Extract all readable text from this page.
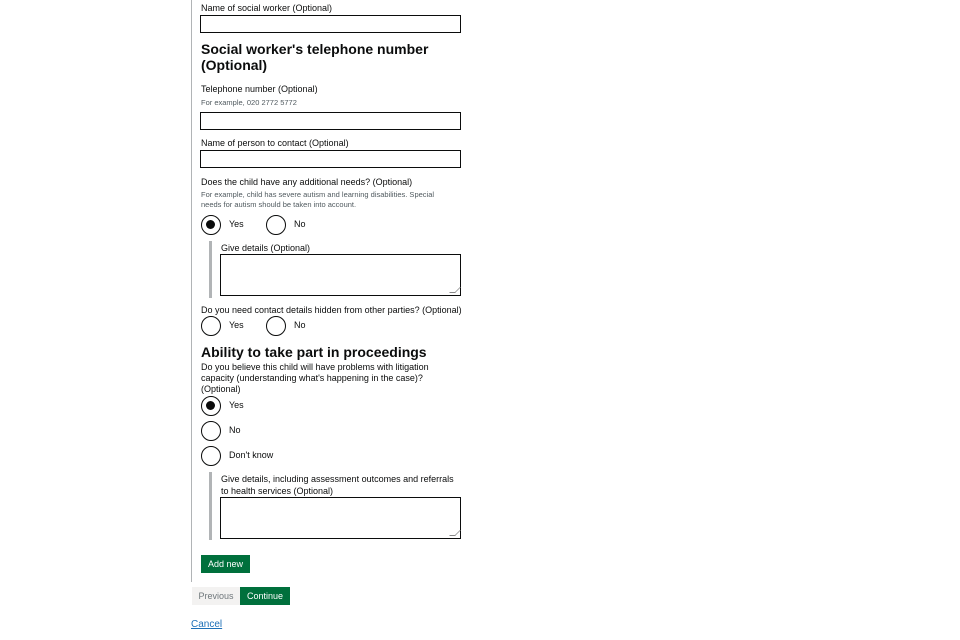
Name of social worker (Optional)
Social worker's telephone number
(Optional)
Telephone number (Optional)
For example, 020 2772 5772
Name of person to contact (Optional)
Does the child have any additional needs? (Optional)
For example, child has severe autism and learning disabilities. Special
needs for autism should be taken into account.
Yes	No
Give details (Optional)
Do you need contact details hidden from other parties? (Optional)
Yes	No
Ability to take part in proceedings
Do you believe this child will have problems with litigation
capacity (understanding what's happening in the case)?
(Optional)
Yes
No
Don't know
Give details, including assessment outcomes and referrals
to health services (Optional)
Add new
Previous	Continue
Cancel
